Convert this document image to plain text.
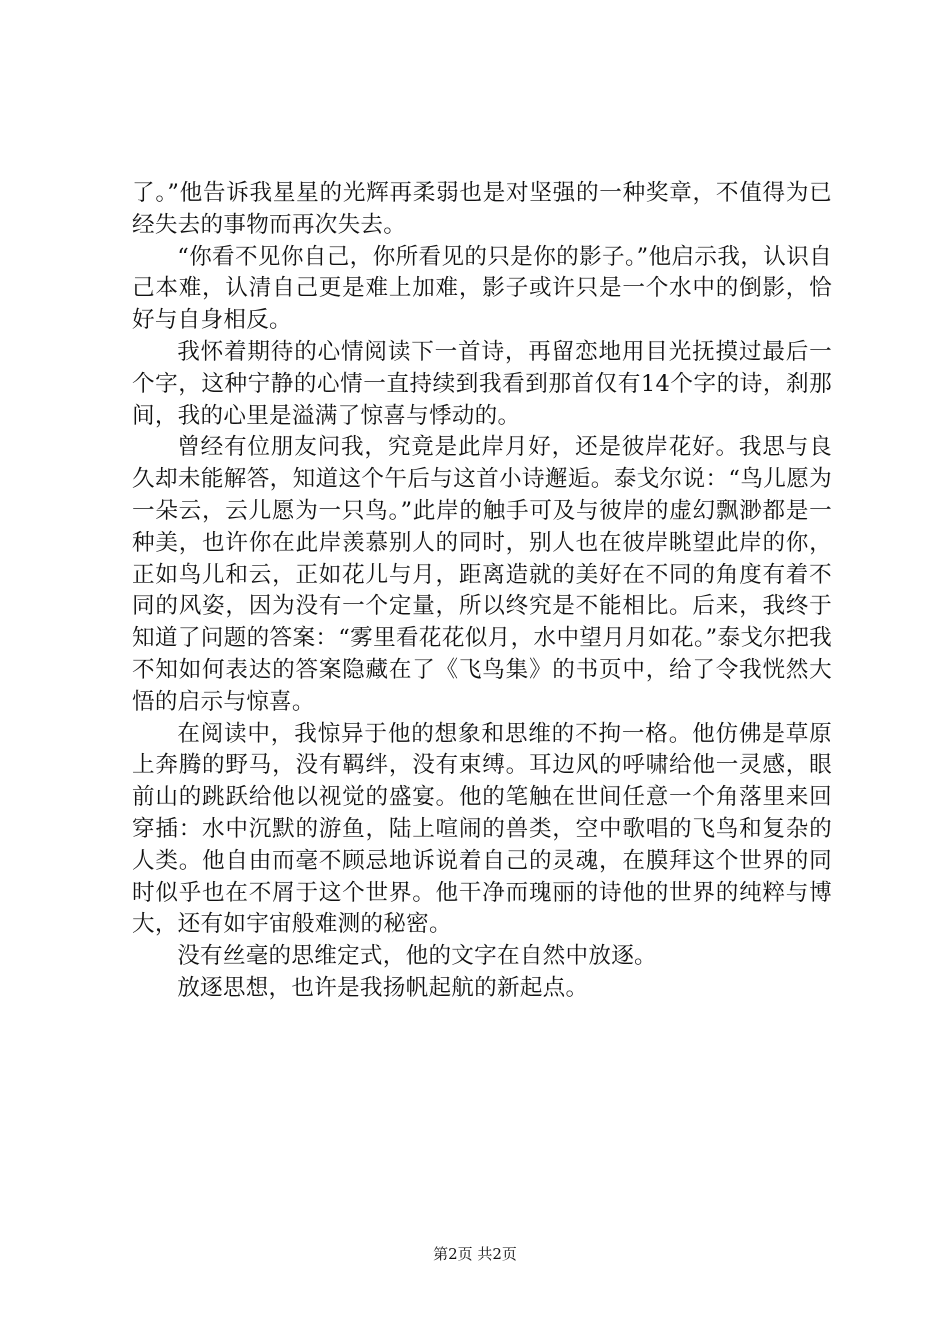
了。”他告诉我星星的光辉再柔弱也是对坚强的一种奖章，不值得为已经失去的事物而再次失去。

“你看不见你自己，你所看见的只是你的影子。”他启示我，认识自己本难，认清自己更是难上加难，影子或许只是一个水中的倒影，恰好与自身相反。

我怀着期待的心情阅读下一首诗，再留恋地用目光抚摸过最后一个字，这种宁静的心情一直持续到我看到那首仅有14个字的诗，刹那间，我的心里是溢满了惊喜与悸动的。

曾经有位朋友问我，究竟是此岸月好，还是彼岸花好。我思与良久却未能解答，知道这个午后与这首小诗邂逅。泰戈尔说：“鸟儿愿为一朵云，云儿愿为一只鸟。”此岸的触手可及与彼岸的虚幻飘渺都是一种美，也许你在此岸羡慕别人的同时，别人也在彼岸眺望此岸的你，正如鸟儿和云，正如花儿与月，距离造就的美好在不同的角度有着不同的风姿，因为没有一个定量，所以终究是不能相比。后来，我终于知道了问题的答案：“雾里看花花似月，水中望月月如花。”泰戈尔把我不知如何表达的答案隐藏在了《飞鸟集》的书页中，给了令我恍然大悟的启示与惊喜。

在阅读中，我惊异于他的想象和思维的不拘一格。他仿佛是草原上奔腾的野马，没有羁绊，没有束缚。耳边风的呼啸给他一灵感，眼前山的跳跃给他以视觉的盛宴。他的笔触在世间任意一个角落里来回穿插：水中沉默的游鱼，陆上喧闹的兽类，空中歌唱的飞鸟和复杂的人类。他自由而毫不顾忌地诉说着自己的灵魂，在膜拜这个世界的同时似乎也在不屑于这个世界。他干净而瑰丽的诗他的世界的纯粹与博大，还有如宇宙般难测的秘密。

没有丝毫的思维定式，他的文字在自然中放逐。

放逐思想，也许是我扬帆起航的新起点。

第2页 共2页
